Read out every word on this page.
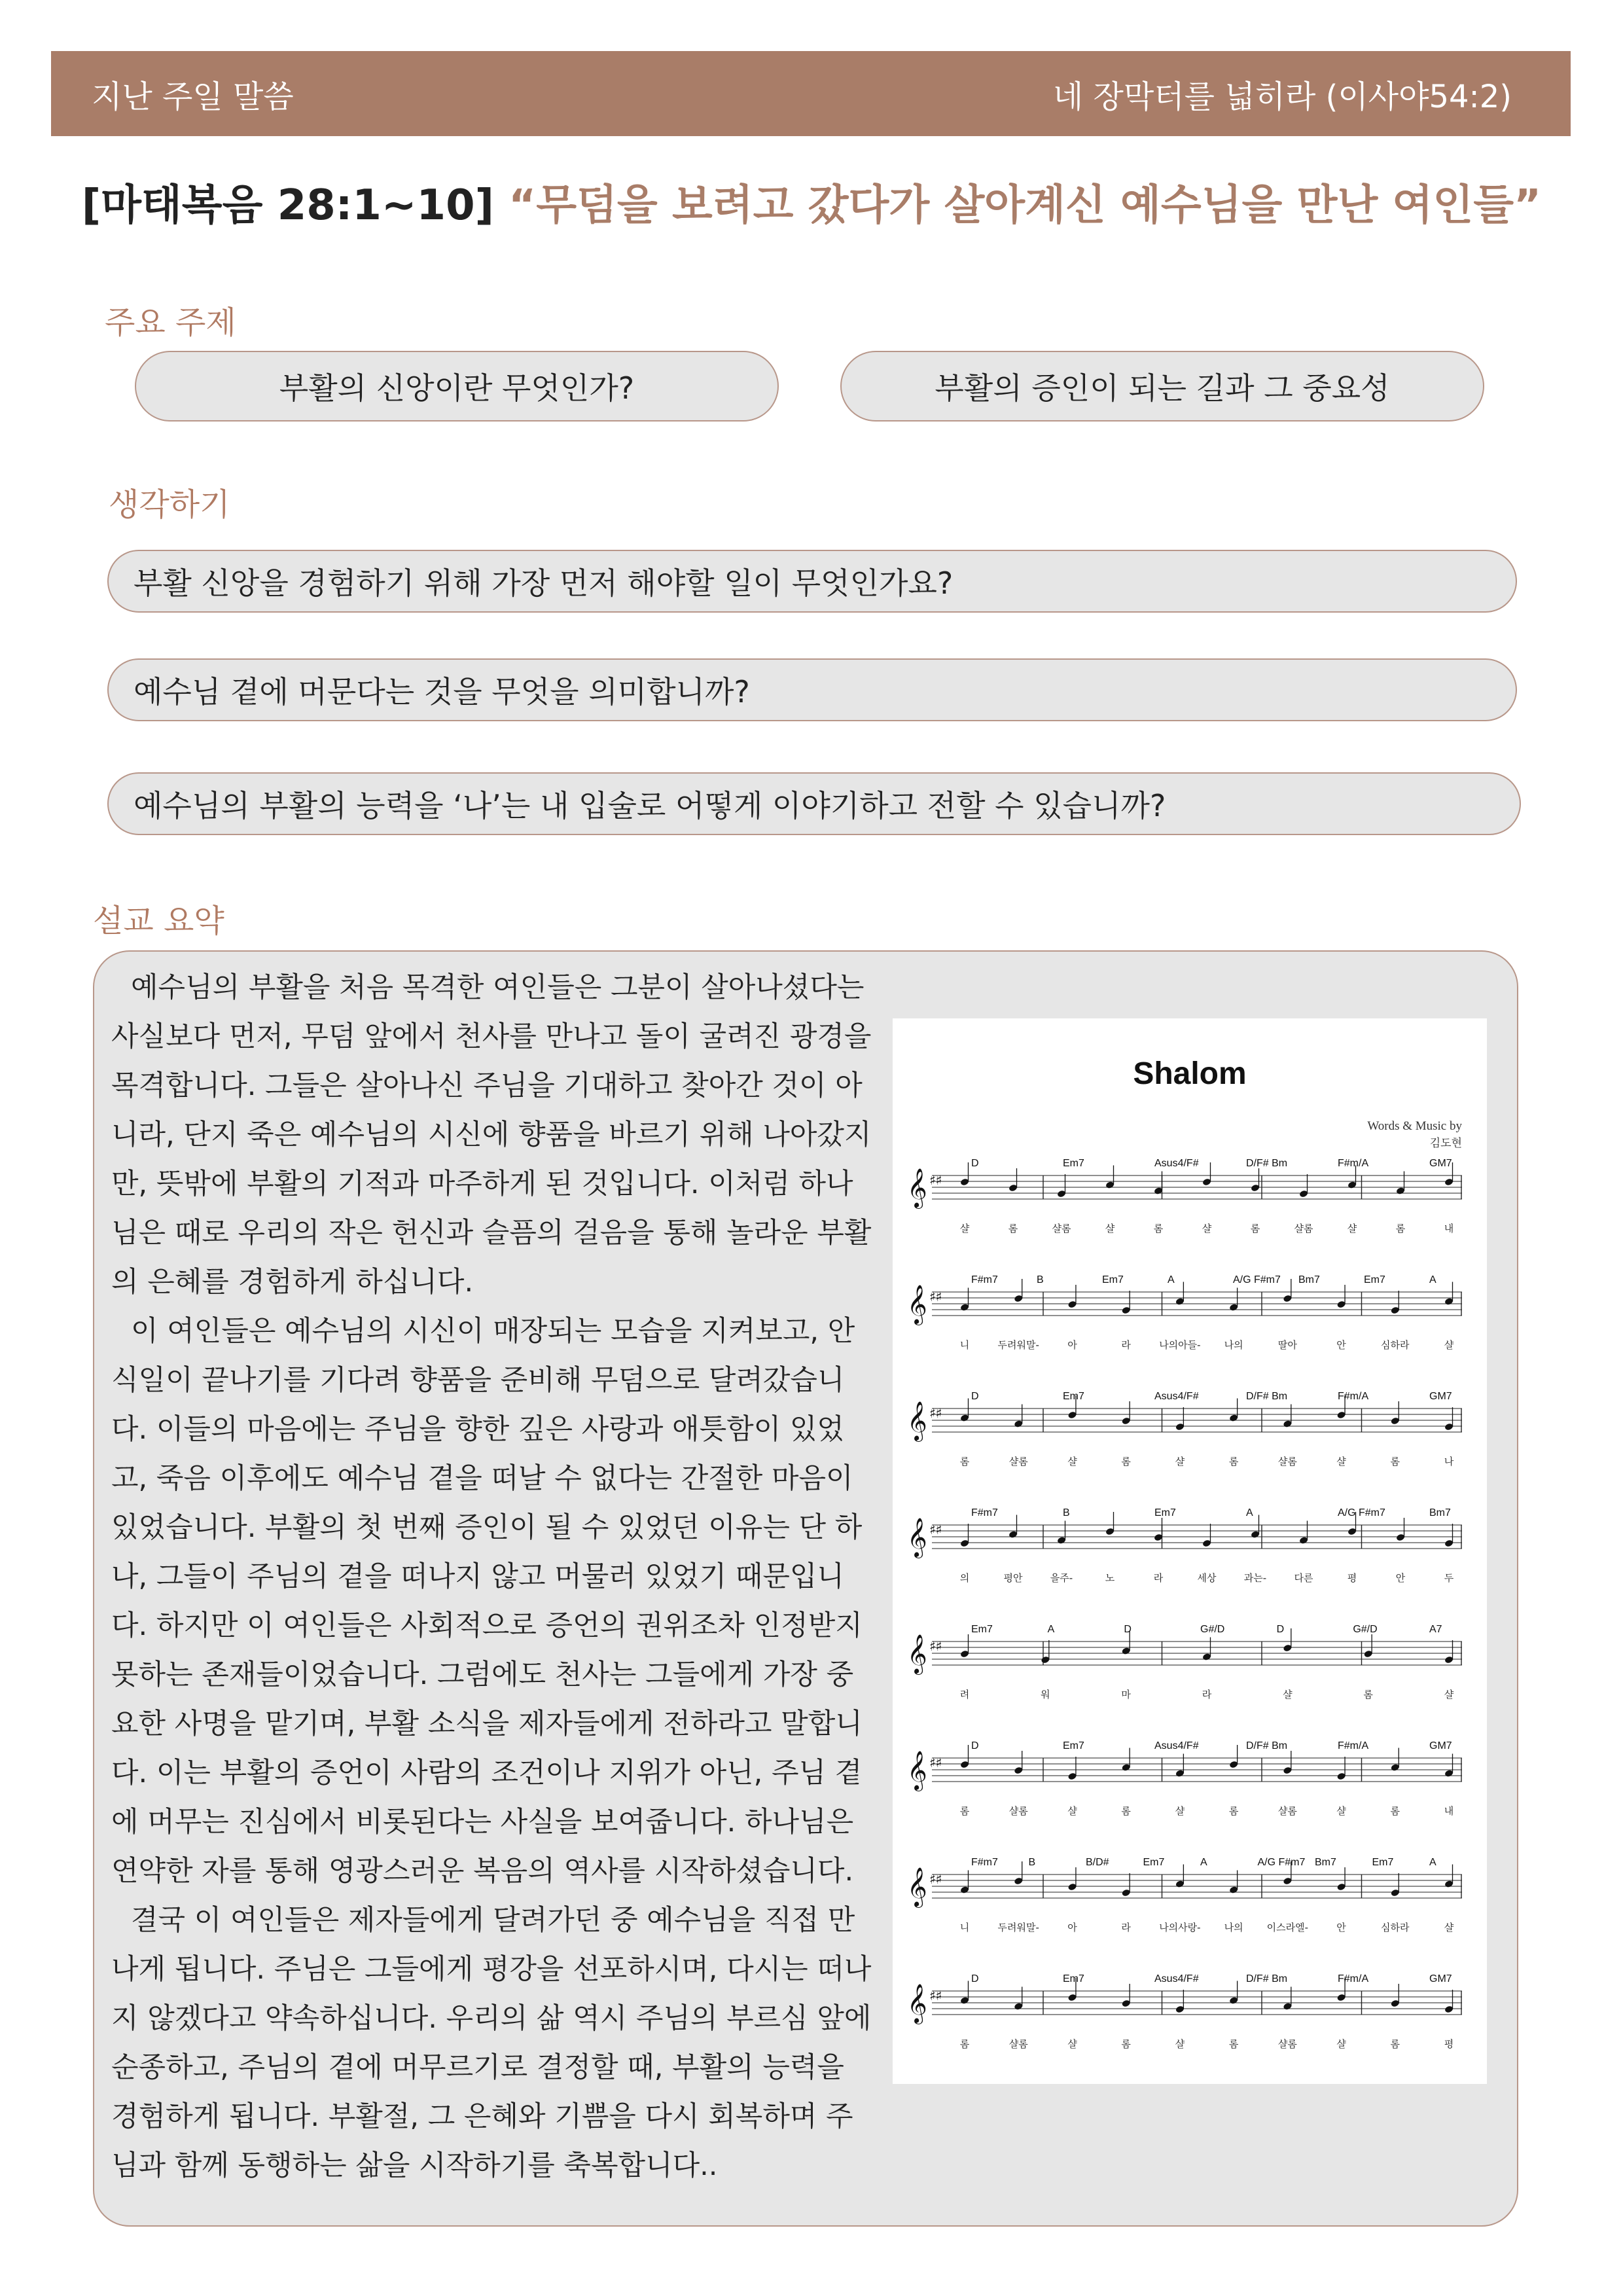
지난 주일 말씀	네 장막터를 넓히라 (이사야54:2)
[마태복음 28:1~10] “무덤을 보려고 갔다가 살아계신 예수님을 만난 여인들”
주요 주제
부활의 신앙이란 무엇인가?	부활의 증인이 되는 길과 그 중요성
생각하기
부활 신앙을 경험하기 위해 가장 먼저 해야할 일이 무엇인가요?
예수님 곁에 머문다는 것을 무엇을 의미합니까?
예수님의 부활의 능력을 ‘나’는 내 입술로 어떻게 이야기하고 전할 수 있습니까?
설교 요약

예수님의 부활을 처음 목격한 여인들은 그분이 살아나셨다는 사실보다 먼저, 무덤 앞에서 천사를 만나고 돌이 굴려진 광경을 목격합니다. 그들은 살아나신 주님을 기대하고 찾아간 것이 아니라, 단지 죽은 예수님의 시신에 향품을 바르기 위해 나아갔지만, 뜻밖에 부활의 기적과 마주하게 된 것입니다. 이처럼 하나님은 때로 우리의 작은 헌신과 슬픔의 걸음을 통해 놀라운 부활의 은혜를 경험하게 하십니다.

이 여인들은 예수님의 시신이 매장되는 모습을 지켜보고, 안식일이 끝나기를 기다려 향품을 준비해 무덤으로 달려갔습니다. 이들의 마음에는 주님을 향한 깊은 사랑과 애틋함이 있었고, 죽음 이후에도 예수님 곁을 떠날 수 없다는 간절한 마음이 있었습니다. 부활의 첫 번째 증인이 될 수 있었던 이유는 단 하나, 그들이 주님의 곁을 떠나지 않고 머물러 있었기 때문입니다. 하지만 이 여인들은 사회적으로 증언의 권위조차 인정받지 못하는 존재들이었습니다. 그럼에도 천사는 그들에게 가장 중요한 사명을 맡기며, 부활 소식을 제자들에게 전하라고 말합니다. 이는 부활의 증언이 사람의 조건이나 지위가 아닌, 주님 곁에 머무는 진심에서 비롯된다는 사실을 보여줍니다. 하나님은 연약한 자를 통해 영광스러운 복음의 역사를 시작하셨습니다.

결국 이 여인들은 제자들에게 달려가던 중 예수님을 직접 만나게 됩니다. 주님은 그들에게 평강을 선포하시며, 다시는 떠나지 않겠다고 약속하십니다. 우리의 삶 역시 주님의 부르심 앞에 순종하고, 주님의 곁에 머무르기로 결정할 때, 부활의 능력을 경험하게 됩니다. 부활절, 그 은혜와 기쁨을 다시 회복하며 주님과 함께 동행하는 삶을 시작하기를 축복합니다..

Shalom
Words & Music by
김도현
D	Em7	Asus4/F#	D/F# Bm	F#m/A	GM7
𝄞 ♯♯
샬	롬	샬롬	샬	롬	샬	롬	샬롬	샬	롬	내
F#m7	B	Em7	A	A/G F#m7 Bm7	Em7	A
𝄞 ♯♯
니	두려워말-	아	라	나의아들- 나의	딸아	안	심하라	샬
D	Em7	Asus4/F#	D/F# Bm	F#m/A	GM7
𝄞 ♯♯
롬	샬롬	샬	롬	샬	롬	샬롬	샬	롬	나
F#m7	B	Em7	A	A/G F#m7	Bm7
𝄞 ♯♯
의	평안	을주-	노	라	세상	과는-	다른	평	안	두
Em7	A	D	G#/D	D	G#/D	A7
𝄞 ♯♯
려	워	마	라	샬	롬	샬
D	Em7	Asus4/F#	D/F# Bm	F#m/A	GM7
𝄞 ♯♯
롬	샬롬	샬	롬	샬	롬	샬롬	샬	롬	내
F#m7	B	B/D#	Em7	A	A/G F#m7 Bm7	Em7	A
𝄞 ♯♯
니	두려워말-	아	라	나의사랑- 나의 이스라엘-	안	심하라	샬
D	Em7	Asus4/F#	D/F# Bm	F#m/A	GM7
𝄞 ♯♯
롬	샬롬	샬	롬	샬	롬	샬롬	샬	롬	평
